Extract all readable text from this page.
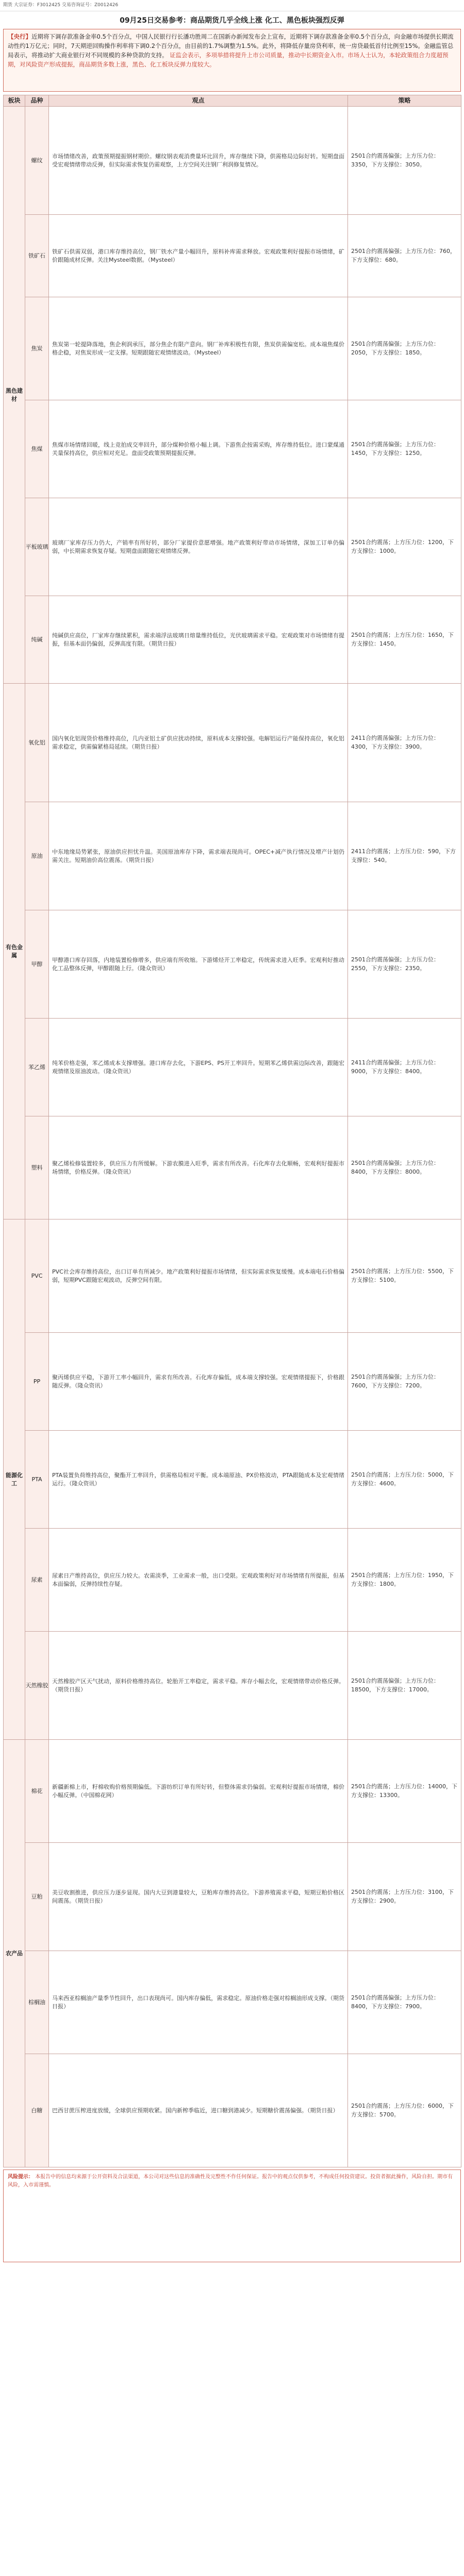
期货 大宗证券：F3012425 交易咨询证号：Z0012426
09月25日交易参考：商品期货几乎全线上涨 化工、黑色板块强烈反弹
【央行】近期将下调存款准备金率0.5个百分点，中国人民银行行长潘功胜周二在国新办新闻发布会上宣布，近期将下调存款准备金率0.5个百分点，向金融市场提供长期流动性约1万亿元；同时，7天期逆回购操作利率将下调0.2个百分点，由目前的1.7%调整为1.5%。此外，将降低存量房贷利率，统一房贷最低首付比例至15%。金融监管总局表示，将推动扩大商业银行对不同规模的多种贷款的支持。 证监会表示，多项举措将提升上市公司质量，推动中长期资金入市。市场人士认为，本轮政策组合力度超预期，对风险资产形成提振，商品期货多数上涨，黑色、化工板块反弹力度较大。
板块	品种	观点	策略
黑色建材	螺纹	市场情绪改善，政策预期提振钢材期价。螺纹钢表观消费量环比回升，库存继续下降，供需格局边际好转。短期盘面受宏观情绪带动反弹，但实际需求恢复仍需观察，上方空间关注钢厂利润修复情况。	2501合约震荡偏强；上方压力位：3350，下方支撑位：3050。
	铁矿石	铁矿石供需双弱，港口库存维持高位，钢厂铁水产量小幅回升，原料补库需求释放。宏观政策利好提振市场情绪，矿价跟随成材反弹。关注Mysteel数据。（Mysteel）	2501合约震荡偏强；上方压力位：760，下方支撑位：680。
	焦炭	焦炭第一轮提降落地，焦企利润承压，部分焦企有限产意向。钢厂补库积极性有限，焦炭供需偏宽松。成本端焦煤价格企稳，对焦炭形成一定支撑。短期跟随宏观情绪波动。（Mysteel）	2501合约震荡偏强；上方压力位：2050，下方支撑位：1850。
	焦煤	焦煤市场情绪回暖，线上竞拍成交率回升，部分煤种价格小幅上调。下游焦企按需采购，库存维持低位。进口蒙煤通关量保持高位，供应相对充足。盘面受政策预期提振反弹。	2501合约震荡偏强；上方压力位：1450，下方支撑位：1250。
	平板玻璃	玻璃厂家库存压力仍大，产销率有所好转，部分厂家提价意愿增强。地产政策利好带动市场情绪，深加工订单仍偏弱，中长期需求恢复存疑。短期盘面跟随宏观情绪反弹。	2501合约震荡；上方压力位：1200，下方支撑位：1000。
	纯碱	纯碱供应高位，厂家库存继续累积，需求端浮法玻璃日熔量维持低位，光伏玻璃需求平稳。宏观政策对市场情绪有提振，但基本面仍偏弱，反弹高度有限。（期货日报）	2501合约震荡；上方压力位：1650，下方支撑位：1450。
有色金属	氧化铝	国内氧化铝现货价格维持高位，几内亚铝土矿供应扰动持续，原料成本支撑较强。电解铝运行产能保持高位，氧化铝需求稳定，供需偏紧格局延续。（期货日报）	2411合约震荡偏强；上方压力位：4300，下方支撑位：3900。
	原油	中东地缘局势紧张，原油供应担忧升温。美国原油库存下降，需求端表现尚可。OPEC+减产执行情况及增产计划仍需关注。短期油价高位震荡。（期货日报）	2411合约震荡；上方压力位：590，下方支撑位：540。
	甲醇	甲醇港口库存回落，内地装置检修增多，供应端有所收缩。下游烯烃开工率稳定，传统需求进入旺季。宏观利好推动化工品整体反弹，甲醇跟随上行。（隆众资讯）	2501合约震荡偏强；上方压力位：2550，下方支撑位：2350。
	苯乙烯	纯苯价格走强，苯乙烯成本支撑增强。港口库存去化，下游EPS、PS开工率回升。短期苯乙烯供需边际改善，跟随宏观情绪及原油波动。（隆众资讯）	2411合约震荡偏强；上方压力位：9000，下方支撑位：8400。
	塑料	聚乙烯检修装置较多，供应压力有所缓解。下游农膜进入旺季，需求有所改善。石化库存去化顺畅，宏观利好提振市场情绪，价格反弹。（隆众资讯）	2501合约震荡偏强；上方压力位：8400，下方支撑位：8000。
能源化工	PVC	PVC社会库存维持高位，出口订单有所减少。地产政策利好提振市场情绪，但实际需求恢复缓慢。成本端电石价格偏弱，短期PVC跟随宏观波动，反弹空间有限。	2501合约震荡；上方压力位：5500，下方支撑位：5100。
	PP	聚丙烯供应平稳，下游开工率小幅回升，需求有所改善。石化库存偏低，成本端支撑较强。宏观情绪提振下，价格跟随反弹。（隆众资讯）	2501合约震荡偏强；上方压力位：7600，下方支撑位：7200。
	PTA	PTA装置负荷维持高位，聚酯开工率回升，供需格局相对平衡。成本端原油、PX价格波动，PTA跟随成本及宏观情绪运行。（隆众资讯）	2501合约震荡；上方压力位：5000，下方支撑位：4600。
	尿素	尿素日产维持高位，供应压力较大。农需淡季，工业需求一般，出口受限。宏观政策利好对市场情绪有所提振，但基本面偏弱，反弹持续性存疑。	2501合约震荡；上方压力位：1950，下方支撑位：1800。
	天然橡胶	天然橡胶产区天气扰动，原料价格维持高位。轮胎开工率稳定，需求平稳。库存小幅去化，宏观情绪带动价格反弹。（期货日报）	2501合约震荡偏强；上方压力位：18500，下方支撑位：17000。
农产品	棉花	新疆新棉上市，籽棉收购价格预期偏低。下游纺织订单有所好转，但整体需求仍偏弱。宏观利好提振市场情绪，棉价小幅反弹。（中国棉花网）	2501合约震荡；上方压力位：14000，下方支撑位：13300。
	豆粕	美豆收割推进，供应压力逐步显现。国内大豆到港量较大，豆粕库存维持高位。下游养殖需求平稳，短期豆粕价格区间震荡。（期货日报）	2501合约震荡；上方压力位：3100，下方支撑位：2900。
	棕榈油	马来西亚棕榈油产量季节性回升，出口表现尚可。国内库存偏低，需求稳定。原油价格走强对棕榈油形成支撑。（期货日报）	2501合约震荡偏强；上方压力位：8400，下方支撑位：7900。
	白糖	巴西甘蔗压榨进度放缓，全球供应预期收紧。国内新榨季临近，进口糖到港减少。短期糖价震荡偏强。（期货日报）	2501合约震荡；上方压力位：6000，下方支撑位：5700。
风险提示： 本报告中的信息均来源于公开资料及合法渠道，本公司对这些信息的准确性及完整性不作任何保证。报告中的观点仅供参考，不构成任何投资建议。投资者据此操作，风险自担。期市有风险，入市需谨慎。
